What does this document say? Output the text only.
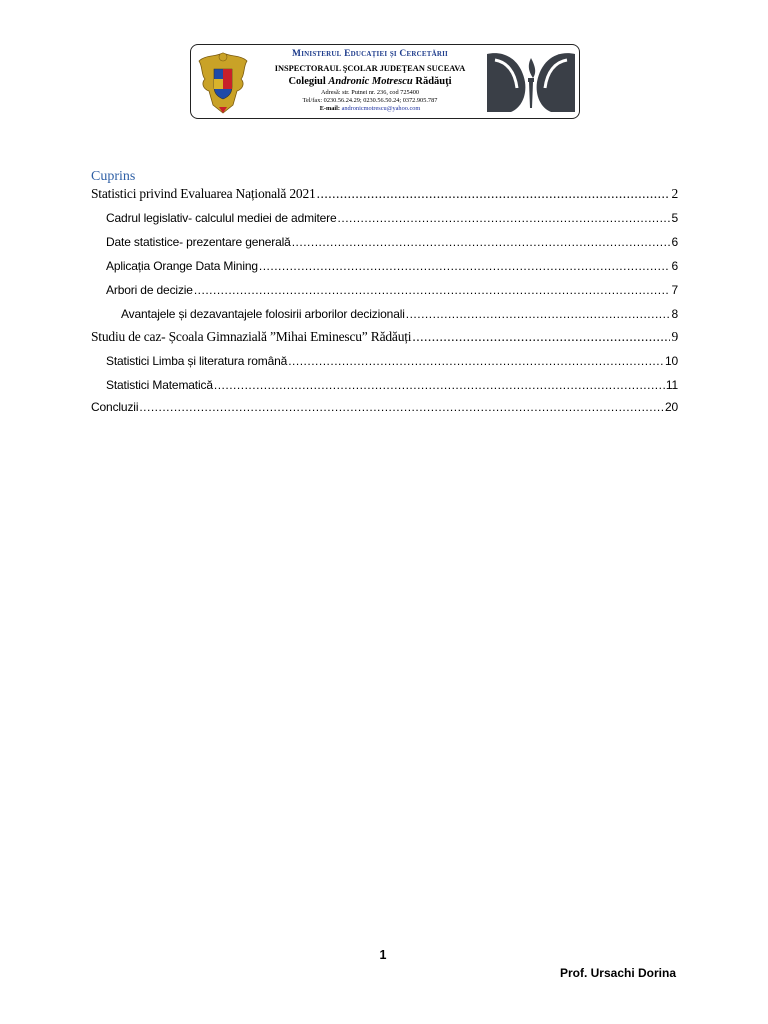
Ministerul Educației și Cercetării
INSPECTORAUL ŞCOLAR JUDEŢEAN SUCEAVA
Colegiul Andronic Motrescu Rădăuţi
Adresă: str. Putnei nr. 236, cod 725400
Tel/fax: 0230.56.24.29; 0230.56.50.24; 0372.905.787
E-mail: andronicmotrescu@yahoo.com
Cuprins
Statistici privind Evaluarea Națională 2021 .....	2
Cadrul legislativ- calculul mediei de admitere .....	5
Date statistice- prezentare generală .....	6
Aplicația Orange Data Mining .....	6
Arbori de decizie .....	7
Avantajele și dezavantajele folosirii arborilor decizionali .....	8
Studiu de caz- Școala Gimnazială ”Mihai Eminescu” Rădăuți .....	9
Statistici Limba și literatura română .....	10
Statistici Matematică .....	11
Concluzii .....	20
1
Prof. Ursachi Dorina
